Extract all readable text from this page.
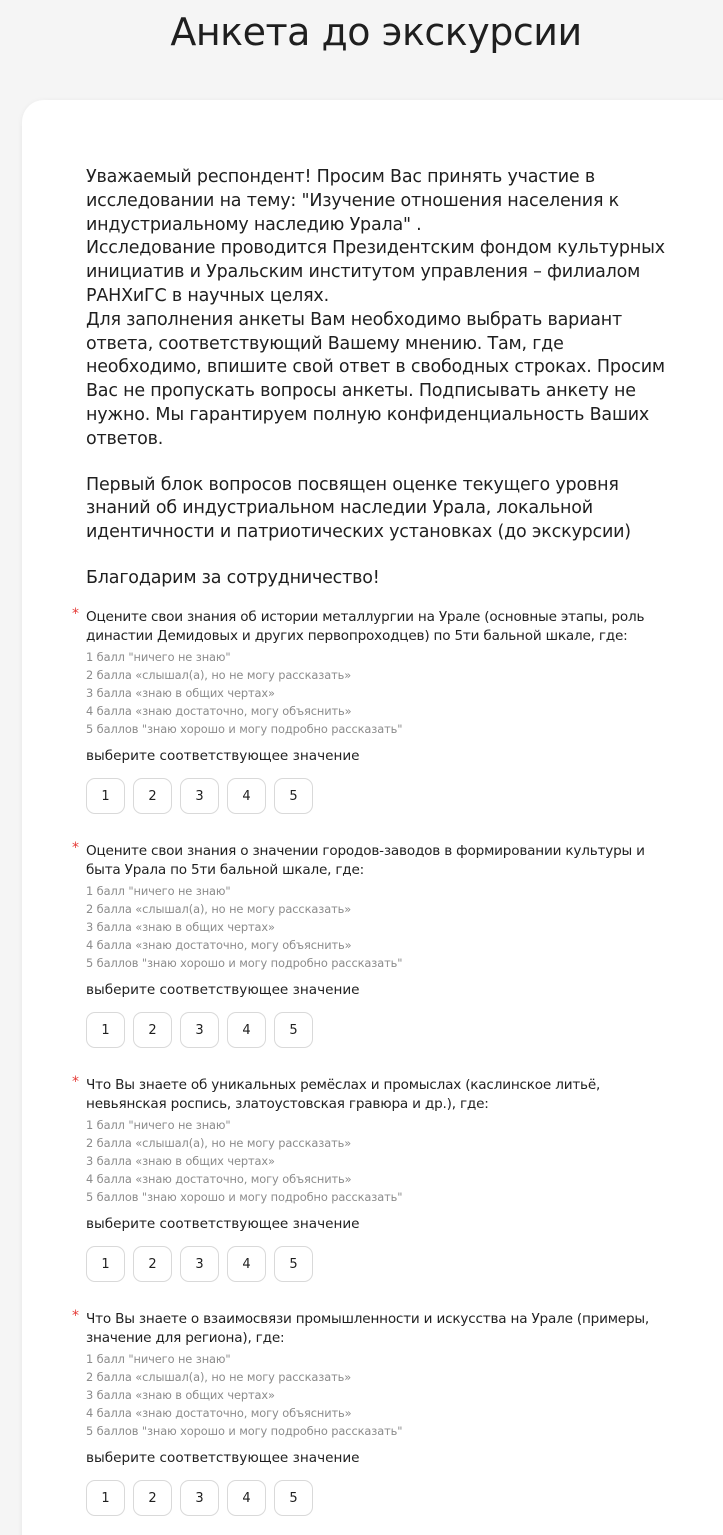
Анкета до экскурсии

Уважаемый респондент! Просим Вас принять участие в исследовании на тему: "Изучение отношения населения к индустриальному наследию Урала" .
Исследование проводится Президентским фондом культурных инициатив и Уральским институтом управления – филиалом РАНХиГС в научных целях.
Для заполнения анкеты Вам необходимо выбрать вариант ответа, соответствующий Вашему мнению. Там, где необходимо, впишите свой ответ в свободных строках. Просим Вас не пропускать вопросы анкеты. Подписывать анкету не нужно. Мы гарантируем полную конфиденциальность Ваших ответов.

Первый блок вопросов посвящен оценке текущего уровня знаний об индустриальном наследии Урала, локальной идентичности и патриотических установках (до экскурсии)

Благодарим за сотрудничество!

* Оцените свои знания об истории металлургии на Урале (основные этапы, роль династии Демидовых и других первопроходцев) по 5ти бальной шкале, где:
1 балл "ничего не знаю"
2 балла «слышал(а), но не могу рассказать»
3 балла «знаю в общих чертах»
4 балла «знаю достаточно, могу объяснить»
5 баллов "знаю хорошо и могу подробно рассказать"
выберите соответствующее значение
1	2	3	4	5
* Оцените свои знания о значении городов-заводов в формировании культуры и быта Урала по 5ти бальной шкале, где:
1 балл "ничего не знаю"
2 балла «слышал(а), но не могу рассказать»
3 балла «знаю в общих чертах»
4 балла «знаю достаточно, могу объяснить»
5 баллов "знаю хорошо и могу подробно рассказать"
выберите соответствующее значение
1	2	3	4	5
* Что Вы знаете об уникальных ремёслах и промыслах (каслинское литьё, невьянская роспись, златоустовская гравюра и др.), где:
1 балл "ничего не знаю"
2 балла «слышал(а), но не могу рассказать»
3 балла «знаю в общих чертах»
4 балла «знаю достаточно, могу объяснить»
5 баллов "знаю хорошо и могу подробно рассказать"
выберите соответствующее значение
1	2	3	4	5
* Что Вы знаете о взаимосвязи промышленности и искусства на Урале (примеры, значение для региона), где:
1 балл "ничего не знаю"
2 балла «слышал(а), но не могу рассказать»
3 балла «знаю в общих чертах»
4 балла «знаю достаточно, могу объяснить»
5 баллов "знаю хорошо и могу подробно рассказать"
выберите соответствующее значение
1	2	3	4	5
